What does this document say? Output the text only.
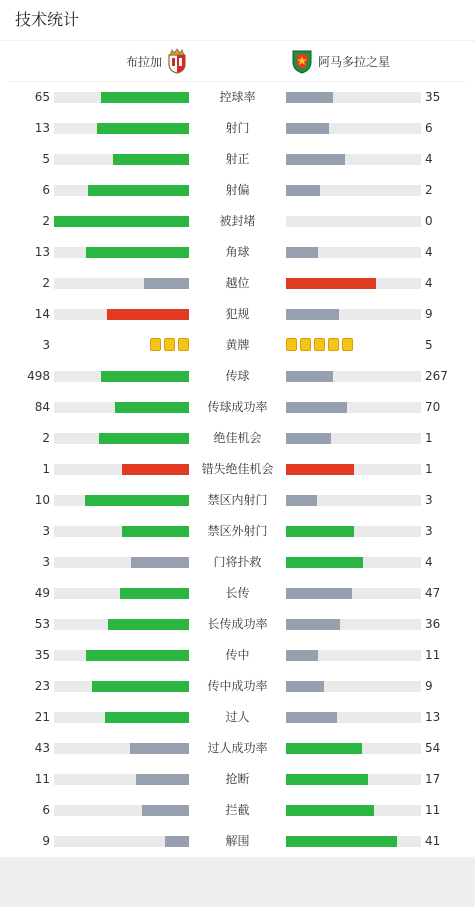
技术统计
布拉加	阿马多拉之星
65	控球率	35
13	射门	6
5	射正	4
6	射偏	2
2	被封堵	0
13	角球	4
2	越位	4
14	犯规	9
3	黄牌	5
498	传球	267
84	传球成功率	70
2	绝佳机会	1
1	错失绝佳机会	1
10	禁区内射门	3
3	禁区外射门	3
3	门将扑救	4
49	长传	47
53	长传成功率	36
35	传中	11
23	传中成功率	9
21	过人	13
43	过人成功率	54
11	抢断	17
6	拦截	11
9	解围	41
